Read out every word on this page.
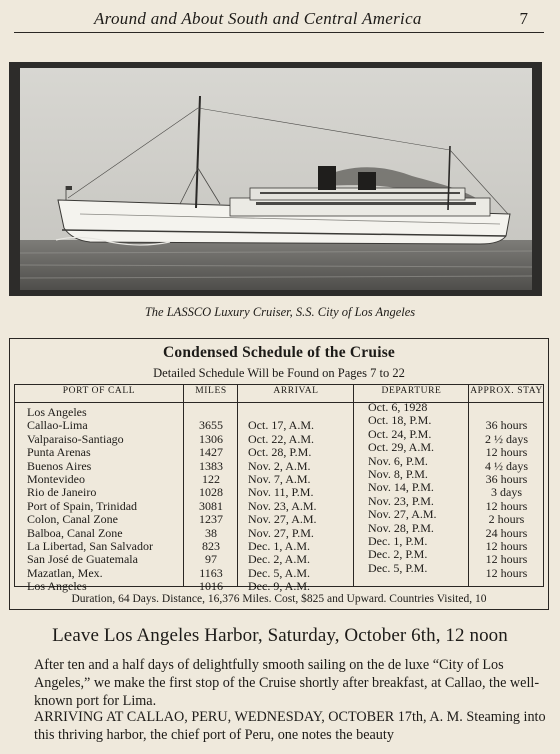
Around and About South and Central America	7
The LASSCO Luxury Cruiser, S.S. City of Los Angeles
Condensed Schedule of the Cruise
Detailed Schedule Will be Found on Pages 7 to 22
PORT OF CALL
Los Angeles
Callao-Lima
Valparaiso-Santiago
Punta Arenas
Buenos Aires
Montevideo
Rio de Janeiro
Port of Spain, Trinidad
Colon, Canal Zone
Balboa, Canal Zone
La Libertad, San Salvador
San José de Guatemala
Mazatlan, Mex.
Los Angeles
MILES
3655
1306
1427
1383
122
1028
3081
1237
38
823
97
1163
1016
ARRIVAL
Oct. 17, A.M.
Oct. 22, A.M.
Oct. 28, P.M.
Nov. 2, A.M.
Nov. 7, A.M.
Nov. 11, P.M.
Nov. 23, A.M.
Nov. 27, A.M.
Nov. 27, P.M.
Dec. 1, A.M.
Dec. 2, A.M.
Dec. 5, A.M.
Dec. 9, A.M.
DEPARTURE
Oct. 6, 1928
Oct. 18, P.M.
Oct. 24, P.M.
Oct. 29, A.M.
Nov. 6, P.M.
Nov. 8, P.M.
Nov. 14, P.M.
Nov. 23, P.M.
Nov. 27, A.M.
Nov. 28, P.M.
Dec. 1, P.M.
Dec. 2, P.M.
Dec. 5, P.M.
APPROX. STAY
36 hours
2 ½ days
12 hours
4 ½ days
36 hours
3 days
12 hours
2 hours
24 hours
12 hours
12 hours
12 hours
Duration, 64 Days. Distance, 16,376 Miles. Cost, $825 and Upward. Countries Visited, 10
Leave Los Angeles Harbor, Saturday, October 6th, 12 noon
After ten and a half days of delightfully smooth sailing on the de luxe “City of Los Angeles,” we make the first stop of the Cruise shortly after breakfast, at Callao, the well-known port for Lima.
ARRIVING AT CALLAO, PERU, WEDNESDAY, OCTOBER 17th, A. M. Steaming into this thriving harbor, the chief port of Peru, one notes the beauty
